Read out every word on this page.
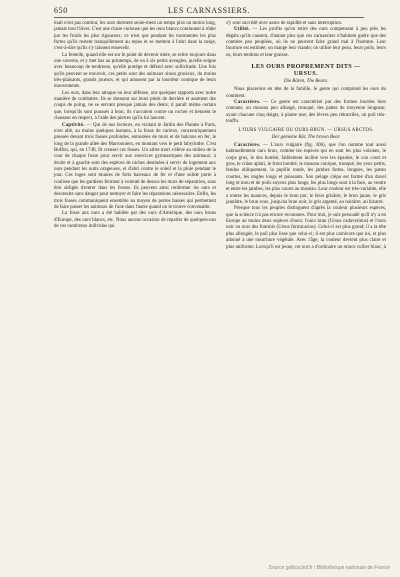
650	LES CARNASSIERS.

mail n'est pas continu; les ours dorment seule-ment un temps plus ou moins long, jamais tout l'hiver. C'est une chose curieuse que les ours blancs continuent à rôder par les froids les plus rigoureux; ce n'est que pendant les tourmentes les plus fortes qu'ils restent tranquillement au repos et se mettent à l'abri dans la neige, c'est-à-dire qu'ils s'y laissent ensevelir.

La femelle, quand elle est sur le point de devenir mère, se retire toujours dans une caverne, et y met bas au printemps, de un à six petits aveugles, qu'elle soigne avec beaucoup de tendresse, qu'elle protége et défend avec sollicitude. Une fois qu'ils peuvent se mouvoir, ces petits sont des animaux sinon gracieux, du moins très-plaisants, grands joueurs, et qui amusent par la lourdeur comique de leurs mouvements.

Les ours, dans leur attaque ou leur défense, ont quelques rapports avec notre manière de combattre. Ils se dressent sur leurs pieds de derrière et assènent des coups de poing, ne se servant presque jamais des dents; il paraît même certain que, lorsqu'ils sont poussés à bout, ils s'acculent contre un rocher et tiennent le chasseur en respect, à l'aide des pierres qu'ils lui lancent.

Captivité. — Qui de nos lecteurs, en visitant le Jardin des Plantes à Paris, n'est allé, au moins quelques instants, à la fosse de curieux, concentriquement pressée devant trois fosses profondes, entourées de murs et de balcons en fer, le long de la grande allée des Marronniers, en montant vers le petit labyrinthe. C'est Buffon, qui, en 1740, fit creuser ces fosses. Un arbre mort s'élève au milieu de la cour de chaque fosse pour servir aux exercices gymnastiques des animaux; à droite et à gauche sont des espèces de niches destinées à servir de logement aux ours pendant les nuits orageuses, et d'abri contre le soleil et la pluie pendant le jour. Ces loges sont munies de forts barreaux de fer et d'une solide porte à coulisse que les gardiens ferment à volonté de dessus les murs de séparation, sans être obligés d'entrer dans les fosses. Ils peuvent ainsi renfermer les ours et descendre sans danger pour nettoyer et faire les réparations nécessaires. Enfin, les trois fosses communiquent ensemble au moyen de portes basses qui permettent de faire passer les animaux de l'une dans l'autre quand on le trouve convenable.

La fosse aux ours a été habitée par des ours d'Amérique, des ours bruns d'Europe, des ours blancs, etc. Nous aurons occasion de reparler de quelques-uns de ces nombreux individus qui

s'y sont succédé avec assez de rapidité et sans interruption.

Utilité. — Les profits qu'on retire des ours compensent à peu près les dégâts qu'ils causent, d'autant plus que ces carnassiers n'habitent guère que des contrées peu peuplées, où ils ne peuvent faire grand mal à l'homme. Leur fourrure est estimée; on mange leur viande; on utilise leur peau, leurs poils, leurs os, leurs tendons et leur graisse.

LES OURS PROPREMENT DITS —
URSUS.
Die Bären, The Bears.

Nous placerons en tête de la famille, le genre qui comprend les ours du continent.

Caractères. — Ce genre est caractérisé par des formes lourdes bien connues; un museau peu allongé, tronqué; des pattes de moyenne longueur, ayant chacune cinq doigts, à plante nue; des lèvres peu rétractiles, un poil très-touffu.

L'OURS VULGAIRE OU OURS BRUN. — URSUS ARCTOS.
Der gemeine Bär, The brown Bear.

Caractères. — L'ours vulgaire (fig. 306), que l'on nomme tout aussi habituellement ours brun, comme les espèces qui en sont les plus voisines, le corps gros, le dos bombé, faiblement incliné vers les épaules, le cou court et gros, le crâne aplati, le front bombé, le museau conique, tronqué, les yeux petits, fendus obliquement, la pupille ronde, les jambes fortes, longues, les pattes courtes, les ongles longs et puissants. Son pelage crépu est formé d'un duvel long et mou et de poils soyeux plus longs; les plus longs sont à la face, au ventre et entre les jambes, les plus courts au museau. Leur couleur est très-variable, elle a toutes les nuances, depuis le brun pur, le brun grisâtre, le brun jaune, le gris jaunâtre, le brun roux, jusqu'au brun noir, le gris argenté, au noirâtre, au bizarré.

Presque tous les peuples distinguent d'après la couleur plusieurs espèces, que la science n'a pas encore reconnues. Pour moi, je suis persuadé qu'il n'y a en Europe au moins deux espèces d'ours: l'ours brun (Ursus cadaverinus) et l'ours noir ou ours des fourmis (Ursus formicarius). Celui-ci est plus grand; il a la tête plus allongée, le poil plus lisse que celui-ci; il est plus carnivore que lui, et plus adonné à une nourriture végétale. Avec l'âge, la couleur devient plus claire et plus uniforme. Lorsqu'il est jeune, cet ours a d'ordinaire un mince collier blanc, à

Source gallica.bnf.fr / Bibliothèque nationale de France
